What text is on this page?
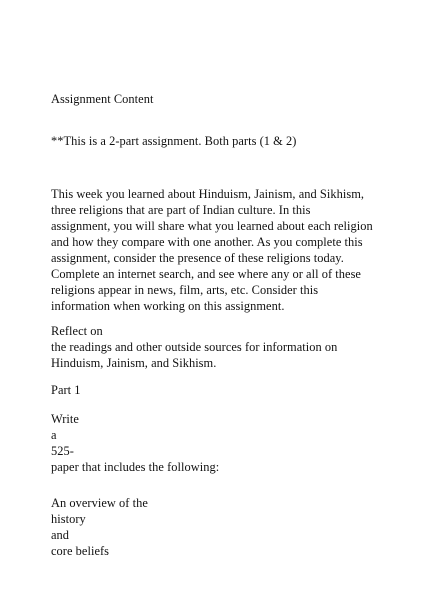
Assignment Content
**This is a 2-part assignment. Both parts (1 & 2)
This week you learned about Hinduism, Jainism, and Sikhism,
three religions that are part of Indian culture. In this
assignment, you will share what you learned about each religion
and how they compare with one another. As you complete this
assignment, consider the presence of these religions today.
Complete an internet search, and see where any or all of these
religions appear in news, film, arts, etc. Consider this
information when working on this assignment.
Reflect on
the readings and other outside sources for information on
Hinduism, Jainism, and Sikhism.
Part 1
Write
a
525-
paper that includes the following:
An overview of the
history
and
core beliefs
